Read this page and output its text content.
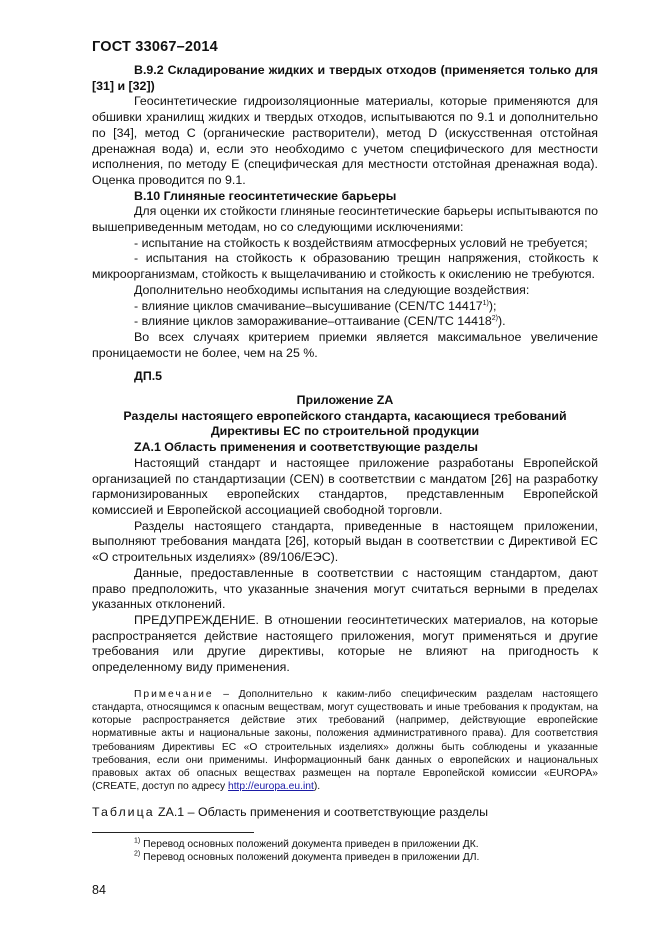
ГОСТ 33067–2014

В.9.2 Складирование жидких и твердых отходов (применяется только для [31] и [32])

Геосинтетические гидроизоляционные материалы, которые применяются для обшивки хранилищ жидких и твердых отходов, испытываются по 9.1 и дополнительно по [34], метод С (органические растворители), метод D (искусственная отстойная дренажная вода) и, если это необходимо с учетом специфического для местности исполнения, по методу Е (специфическая для местности отстойная дренажная вода). Оценка проводится по 9.1.

В.10 Глиняные геосинтетические барьеры

Для оценки их стойкости глиняные геосинтетические барьеры испытываются по вышеприведенным методам, но со следующими исключениями:

- испытание на стойкость к воздействиям атмосферных условий не требуется;

- испытания на стойкость к образованию трещин напряжения, стойкость к микроорганизмам, стойкость к выщелачиванию и стойкость к окислению не требуются.

Дополнительно необходимы испытания на следующие воздействия:

- влияние циклов смачивание–высушивание (CEN/TC 14417$^{1)}$);

- влияние циклов замораживание–оттаивание (CEN/TC 14418$^{2)}$).

Во всех случаях критерием приемки является максимальное увеличение проницаемости не более, чем на 25 %.

ДП.5

Приложение ZA

Разделы настоящего европейского стандарта, касающиеся требований Директивы ЕС по строительной продукции

ZA.1 Область применения и соответствующие разделы

Настоящий стандарт и настоящее приложение разработаны Европейской организацией по стандартизации (CEN) в соответствии с мандатом [26] на разработку гармонизированных европейских стандартов, представленным Европейской комиссией и Европейской ассоциацией свободной торговли.

Разделы настоящего стандарта, приведенные в настоящем приложении, выполняют требования мандата [26], который выдан в соответствии с Директивой ЕС «О строительных изделиях» (89/106/ЕЭС).

Данные, предоставленные в соответствии с настоящим стандартом, дают право предположить, что указанные значения могут считаться верными в пределах указанных отклонений.

ПРЕДУПРЕЖДЕНИЕ. В отношении геосинтетических материалов, на которые распространяется действие настоящего приложения, могут применяться и другие требования или другие директивы, которые не влияют на пригодность к определенному виду применения.

Примечание – Дополнительно к каким-либо специфическим разделам настоящего стандарта, относящимся к опасным веществам, могут существовать и иные требования к продуктам, на которые распространяется действие этих требований (например, действующие европейские нормативные акты и национальные законы, положения административного права). Для соответствия требованиям Директивы ЕС «О строительных изделиях» должны быть соблюдены и указанные требования, если они применимы. Информационный банк данных о европейских и национальных правовых актах об опасных веществах размещен на портале Европейской комиссии «EUROPA» (CREATE, доступ по адресу http://europa.eu.int).

Таблица ZA.1 – Область применения и соответствующие разделы

$^{1)}$ Перевод основных положений документа приведен в приложении ДК.

$^{2)}$ Перевод основных положений документа приведен в приложении ДЛ.

84
